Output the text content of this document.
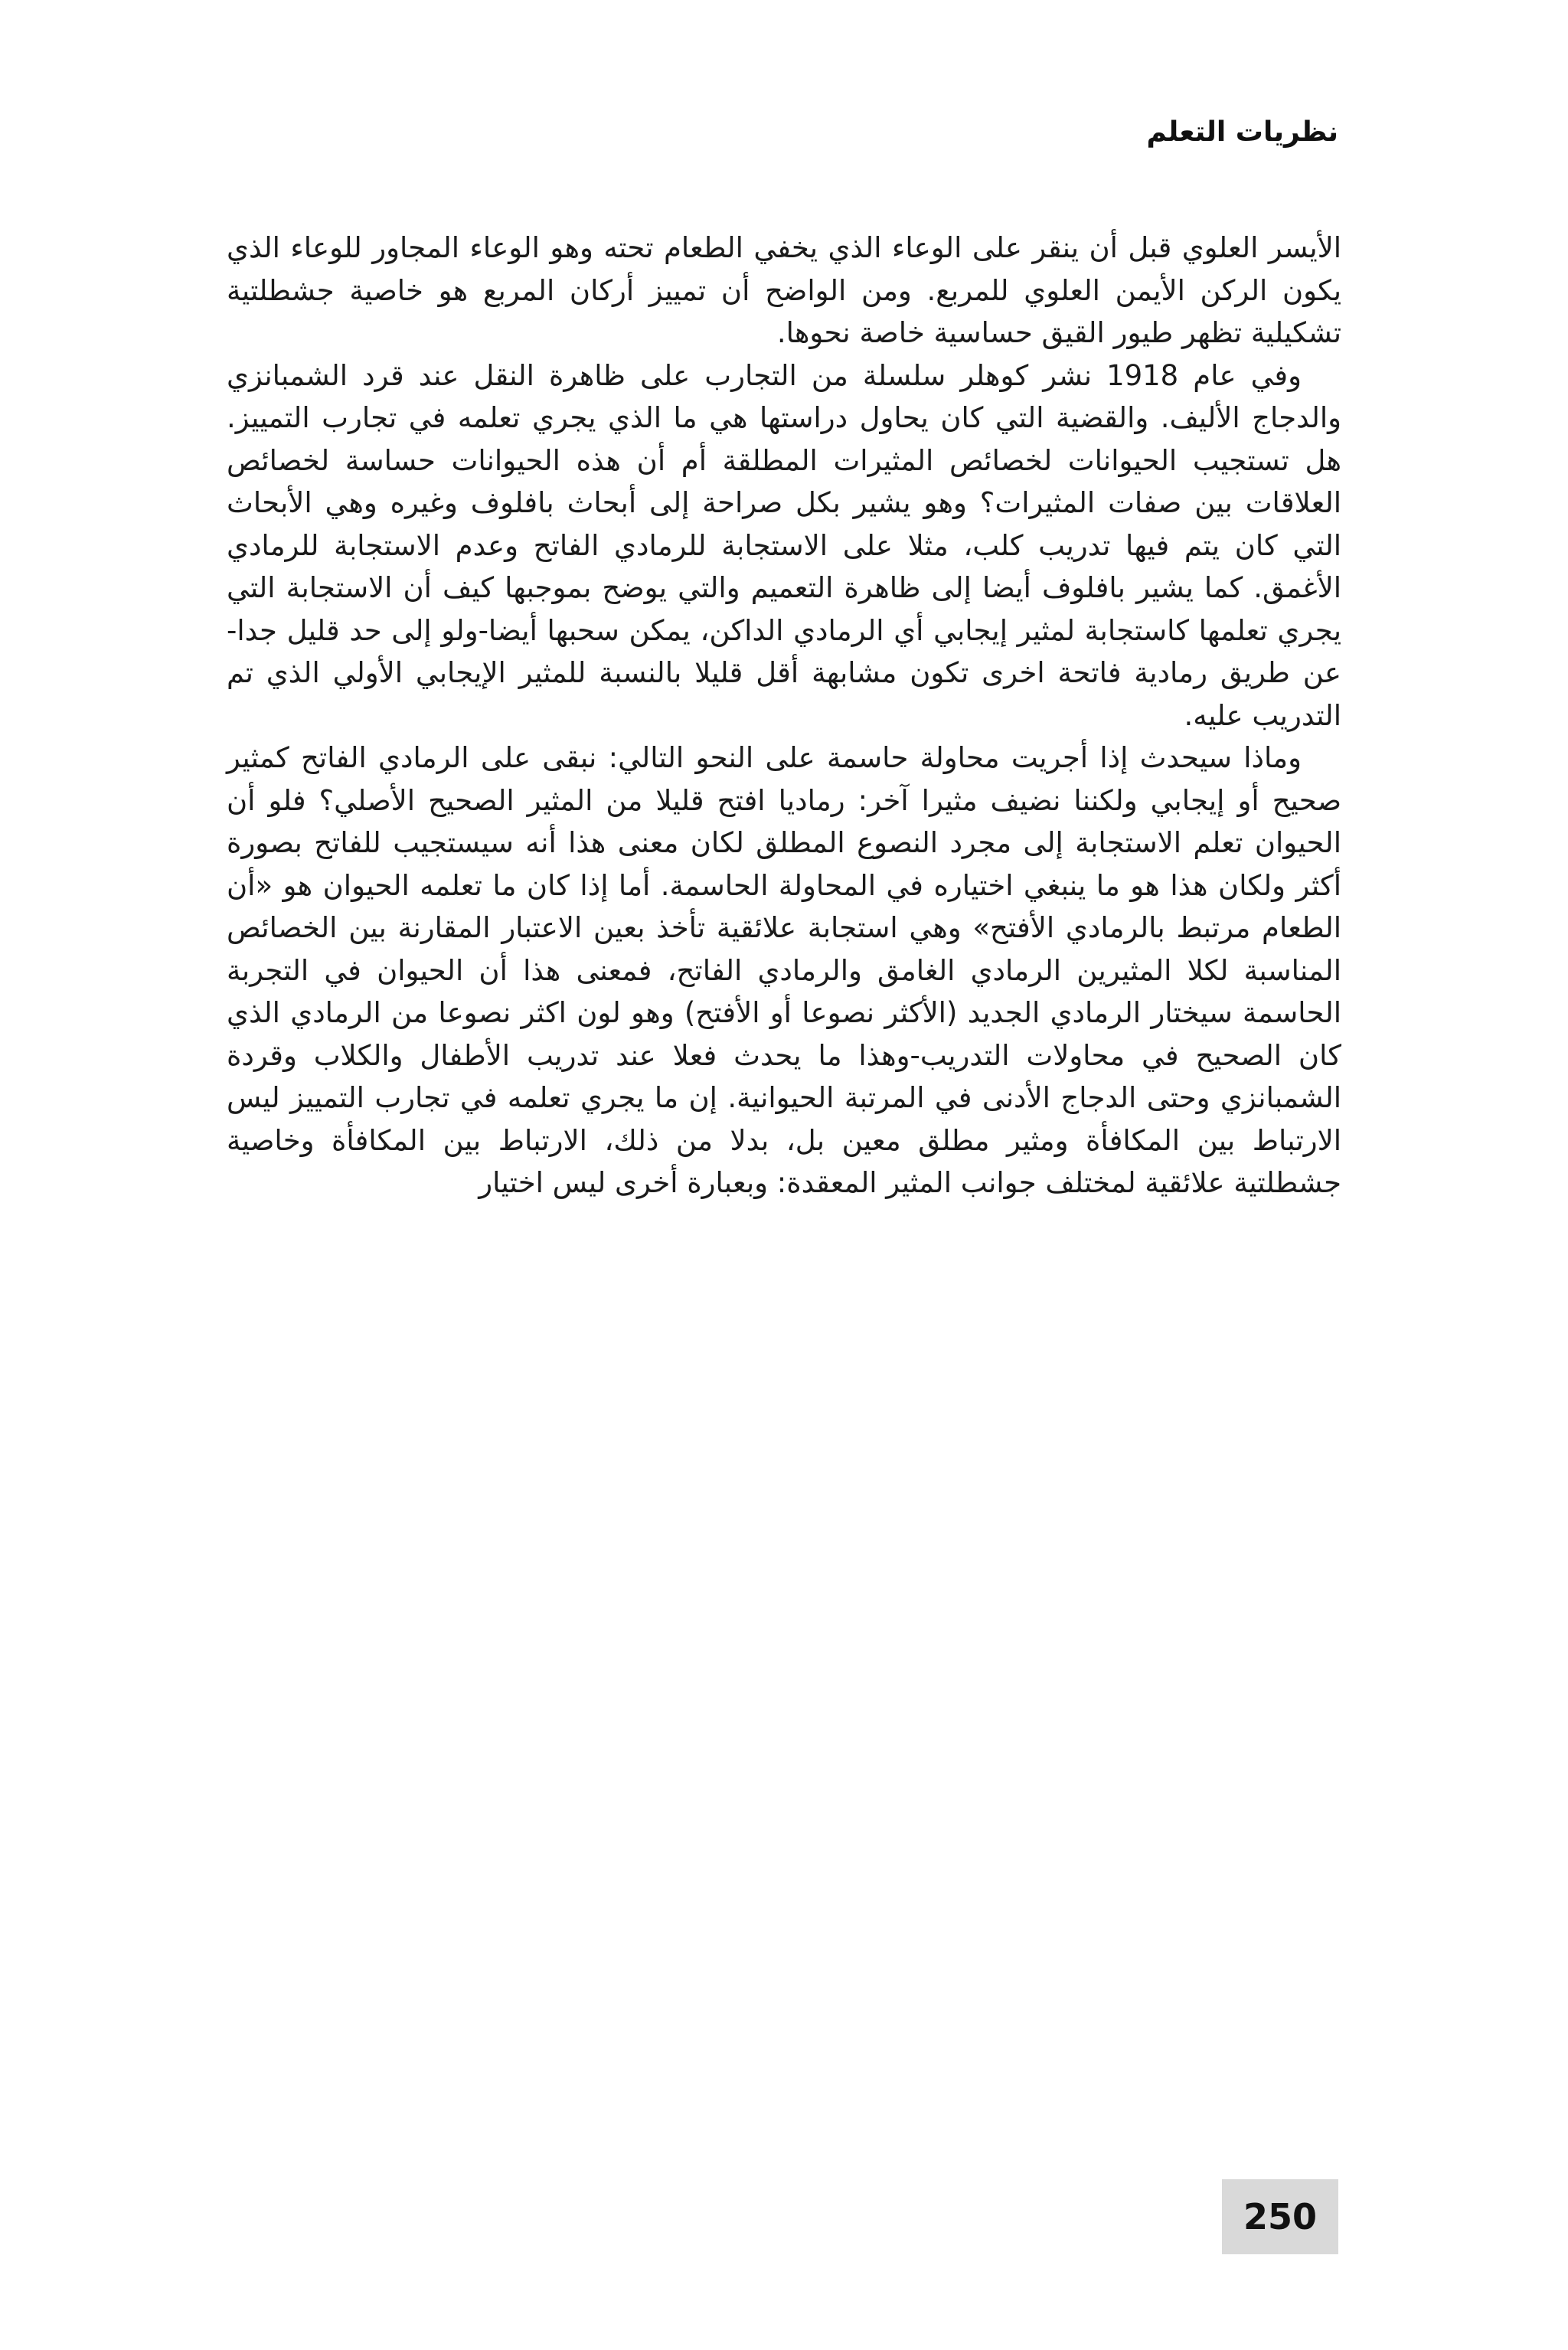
نظريات التعلم

الأيسر العلوي قبل أن ينقر على الوعاء الذي يخفي الطعام تحته وهو الوعاء المجاور للوعاء الذي يكون الركن الأيمن العلوي للمربع. ومن الواضح أن تمييز أركان المربع هو خاصية جشطلتية تشكيلية تظهر طيور القيق حساسية خاصة نحوها.

وفي عام 1918 نشر كوهلر سلسلة من التجارب على ظاهرة النقل عند قرد الشمبانزي والدجاج الأليف. والقضية التي كان يحاول دراستها هي ما الذي يجري تعلمه في تجارب التمييز. هل تستجيب الحيوانات لخصائص المثيرات المطلقة أم أن هذه الحيوانات حساسة لخصائص العلاقات بين صفات المثيرات؟ وهو يشير بكل صراحة إلى أبحاث بافلوف وغيره وهي الأبحاث التي كان يتم فيها تدريب كلب، مثلا على الاستجابة للرمادي الفاتح وعدم الاستجابة للرمادي الأغمق. كما يشير بافلوف أيضا إلى ظاهرة التعميم والتي يوضح بموجبها كيف أن الاستجابة التي يجري تعلمها كاستجابة لمثير إيجابي أي الرمادي الداكن، يمكن سحبها أيضا-ولو إلى حد قليل جدا-عن طريق رمادية فاتحة اخرى تكون مشابهة أقل قليلا بالنسبة للمثير الإيجابي الأولي الذي تم التدريب عليه.

وماذا سيحدث إذا أجريت محاولة حاسمة على النحو التالي: نبقى على الرمادي الفاتح كمثير صحيح أو إيجابي ولكننا نضيف مثيرا آخر: رماديا افتح قليلا من المثير الصحيح الأصلي؟ فلو أن الحيوان تعلم الاستجابة إلى مجرد النصوع المطلق لكان معنى هذا أنه سيستجيب للفاتح بصورة أكثر ولكان هذا هو ما ينبغي اختياره في المحاولة الحاسمة. أما إذا كان ما تعلمه الحيوان هو «أن الطعام مرتبط بالرمادي الأفتح» وهي استجابة علائقية تأخذ بعين الاعتبار المقارنة بين الخصائص المناسبة لكلا المثيرين الرمادي الغامق والرمادي الفاتح، فمعنى هذا أن الحيوان في التجربة الحاسمة سيختار الرمادي الجديد (الأكثر نصوعا أو الأفتح) وهو لون اكثر نصوعا من الرمادي الذي كان الصحيح في محاولات التدريب-وهذا ما يحدث فعلا عند تدريب الأطفال والكلاب وقردة الشمبانزي وحتى الدجاج الأدنى في المرتبة الحيوانية. إن ما يجري تعلمه في تجارب التمييز ليس الارتباط بين المكافأة ومثير مطلق معين بل، بدلا من ذلك، الارتباط بين المكافأة وخاصية جشطلتية علائقية لمختلف جوانب المثير المعقدة: وبعبارة أخرى ليس اختيار

250
